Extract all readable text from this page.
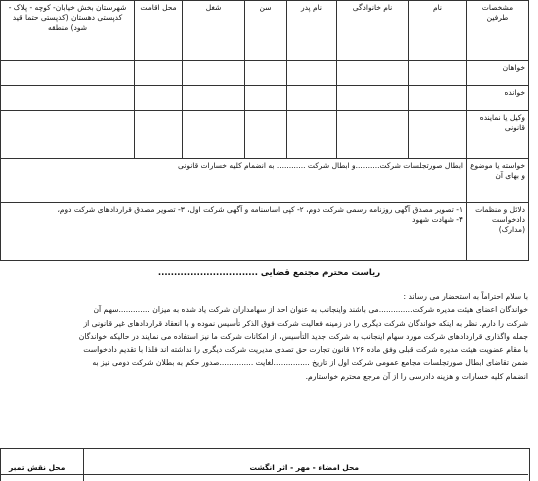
مشخصات طرفین	نام	نام خانوادگی	نام پدر	سن	شغل	محل اقامت	شهرستان بخش خیابان- کوچه - پلاک - کدپستی دهستان (کدپستی حتما قید شود) منطقه
خواهان							
خوانده							
وکیل یا نماینده قانونی							
خواسته یا موضوع و بهای آن	ابطال صورتجلسات شرکت..........و ابطال شرکت ............ به انضمام کلیه خسارات قانونی						
دلائل و منظمات دادخواست (مدارک)	۱- تصویر مصدق آگهی روزنامه رسمی شرکت دوم، ۲- کپی اساسنامه و آگهی شرکت اول، ۳- تصویر مصدق قراردادهای شرکت دوم،
۴- شهادت شهود						
ریاست محترم مجتمع قضایی ...............................

با سلام احتراماً به استحضار می رساند :

خواندگان اعضای هیئت مدیره شرکت..............می باشند واینجانب به عنوان احد از سهامداران شرکت یاد شده به میزان .............سهم آن

شرکت را دارم. نظر به اینکه خواندگان شرکت دیگری را در زمینه فعالیت شرکت فوق الذکر تأسیس نموده و با انعقاد قراردادهای غیر قانونی از

جمله واگذاری قراردادهای شرکت مورد سهام اینجانب به شرکت جدید التأسیس، از امکانات شرکت ما نیز استفاده می نمایند در حالیکه خواندگان

با مقام عضویت هیئت مدیره شرکت قبلی وفق ماده ۱۲۶ قانون تجارت حق تصدی مدیریت شرکت دیگری را نداشته اند فلذا با تقدیم دادخواست

ضمن تقاضای ابطال صورتجلسات مجامع عمومی شرکت اول از تاریخ ...............لغایت ..............صدور حکم به بطلان شرکت دومی نیز به

انضمام کلیه خسارات و هزینه دادرسی را از آن مرجع محترم خواستارم.

محل امضاء - مهر - اثر انگشت
محل نقش تمبر
